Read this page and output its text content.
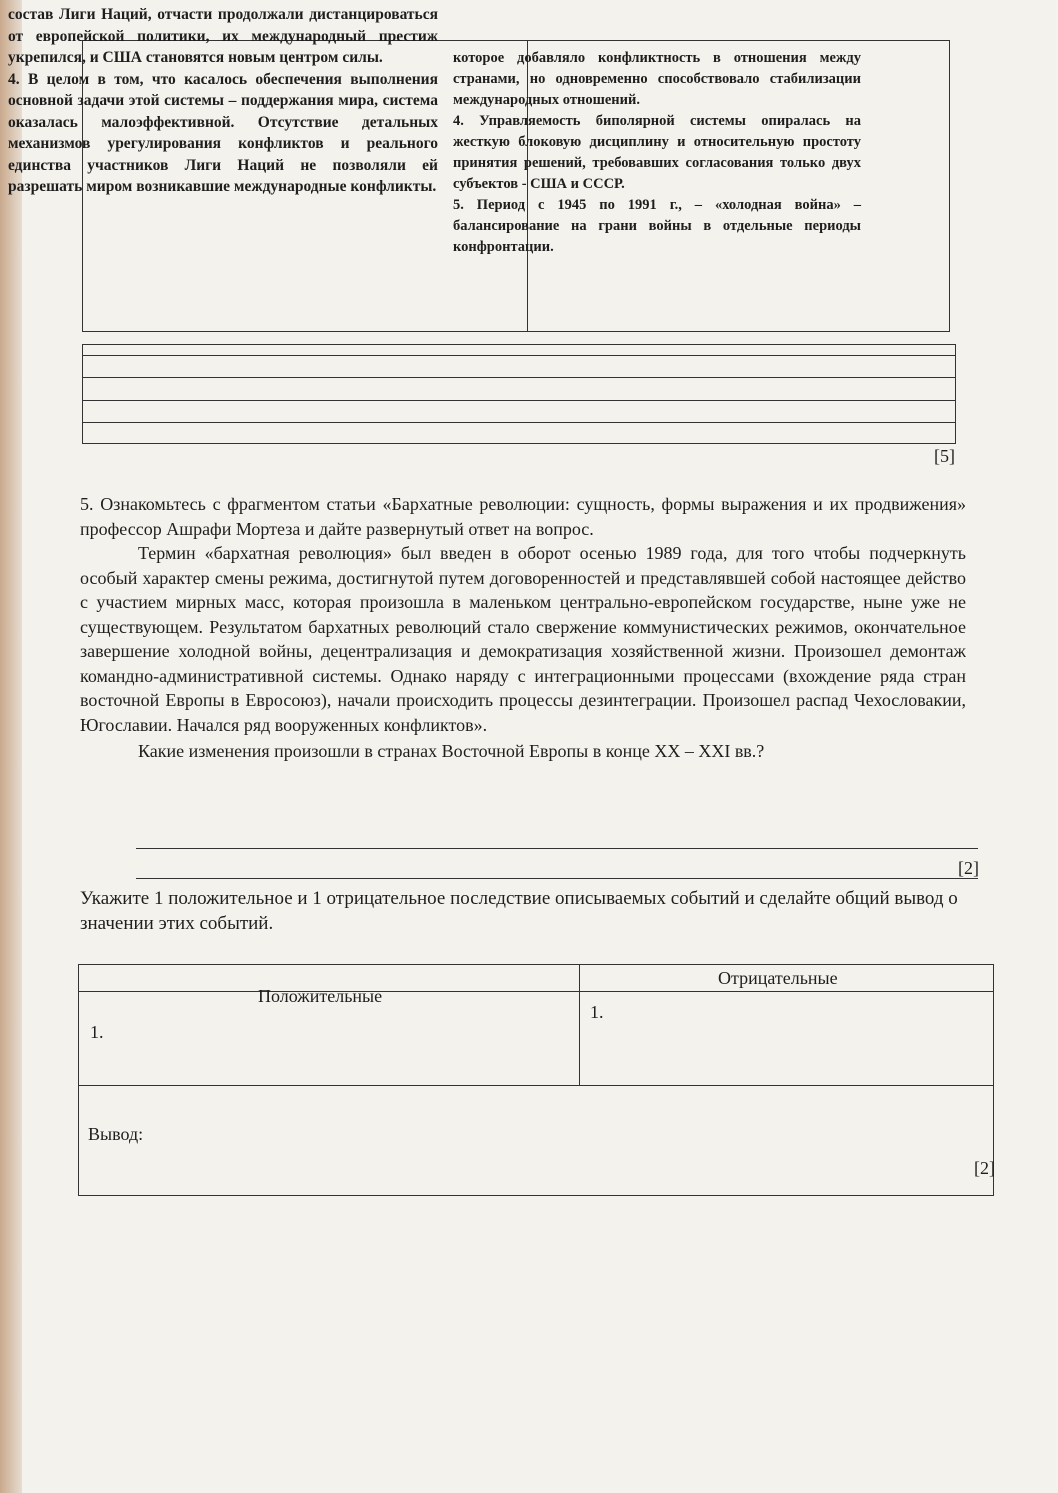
состав Лиги Наций, отчасти продолжали дистанцироваться от европейской политики, их международный престиж укрепился, и США становятся новым центром силы.

4. В целом в том, что касалось обеспечения выполнения основной задачи этой системы – поддержания мира, система оказалась малоэффективной. Отсутствие детальных механизмов урегулирования конфликтов и реального единства участников Лиги Наций не позволяли ей разрешать миром возникавшие международные конфликты.

которое добавляло конфликтность в отношения между странами, но одновременно способствовало стабилизации международных отношений.

4. Управляемость биполярной системы опиралась на жесткую блоковую дисциплину и относительную простоту принятия решений, требовавших согласования только двух субъектов - США и СССР.

5. Период с 1945 по 1991 г., – «холодная война» – балансирование на грани войны в отдельные периоды конфронтации.

[5]

5. Ознакомьтесь с фрагментом статьи «Бархатные революции: сущность, формы выражения и их продвижения» профессор Ашрафи Мортеза и дайте развернутый ответ на вопрос.

Термин «бархатная революция» был введен в оборот осенью 1989 года, для того чтобы подчеркнуть особый характер смены режима, достигнутой путем договоренностей и представлявшей собой настоящее действо с участием мирных масс, которая произошла в маленьком центрально-европейском государстве, ныне уже не существующем. Результатом бархатных революций стало свержение коммунистических режимов, окончательное завершение холодной войны, децентрализация и демократизация хозяйственной жизни. Произошел демонтаж командно-административной системы. Однако наряду с интеграционными процессами (вхождение ряда стран восточной Европы в Евросоюз), начали происходить процессы дезинтеграции. Произошел распад Чехословакии, Югославии. Начался ряд вооруженных конфликтов».

Какие изменения произошли в странах Восточной Европы в конце XX – XXI вв.?

[2]

Укажите 1 положительное и 1 отрицательное последствие описываемых событий и сделайте общий вывод о значении этих событий.

Положительные
Отрицательные
1.
1.
Вывод:
[2]
